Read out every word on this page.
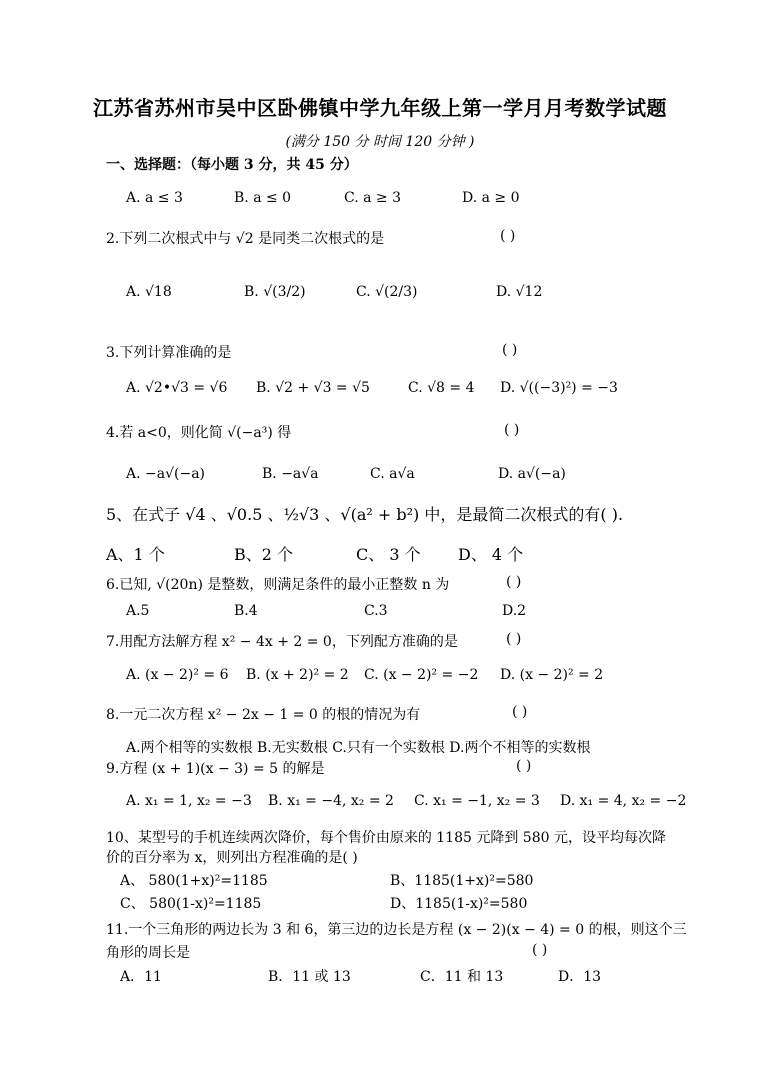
江苏省苏州市吴中区卧佛镇中学九年级上第一学月月考数学试题
(满分 150 分 时间 120 分钟 )
一、选择题：（每小题 3 分，共 45 分）
A. a ≤ 3	B. a ≤ 0	C. a ≥ 3	D. a ≥ 0
2.下列二次根式中与 √2 是同类二次根式的是	( )
A. √18	B. √(3/2)	C. √(2/3)	D. √12
3.下列计算准确的是	( )
A. √2•√3 = √6 B. √2 + √3 = √5	C. √8 = 4 D. √((−3)²) = −3
4.若 a<0，则化简 √(−a³) 得	( )
A. −a√(−a)	B. −a√a	C. a√a	D. a√(−a)
5、在式子 √4 、√0.5 、½√3 、√(a² + b²) 中，是最简二次根式的有( ).
A、1 个	B、2 个	C、 3 个 D、 4 个
6.已知, √(20n) 是整数，则满足条件的最小正整数 n 为	( )
A.5	B.4	C.3	D.2
7.用配方法解方程 x² − 4x + 2 = 0，下列配方准确的是	( )
A. (x − 2)² = 6 B. (x + 2)² = 2 C. (x − 2)² = −2 D. (x − 2)² = 2
8.一元二次方程 x² − 2x − 1 = 0 的根的情况为有	( )
A.两个相等的实数根 B.无实数根 C.只有一个实数根 D.两个不相等的实数根
9.方程 (x + 1)(x − 3) = 5 的解是	( )
A. x₁ = 1, x₂ = −3 B. x₁ = −4, x₂ = 2 C. x₁ = −1, x₂ = 3 D. x₁ = 4, x₂ = −2
10、某型号的手机连续两次降价，每个售价由原来的 1185 元降到 580 元，设平均每次降
价的百分率为 x，则列出方程准确的是( )
A、 580(1+x)²=1185	B、1185(1+x)²=580
C、 580(1-x)²=1185	D、1185(1-x)²=580
11.一个三角形的两边长为 3 和 6，第三边的边长是方程 (x − 2)(x − 4) = 0 的根，则这个三
角形的周长是	( )
A．11	B．11 或 13	C．11 和 13	D．13
